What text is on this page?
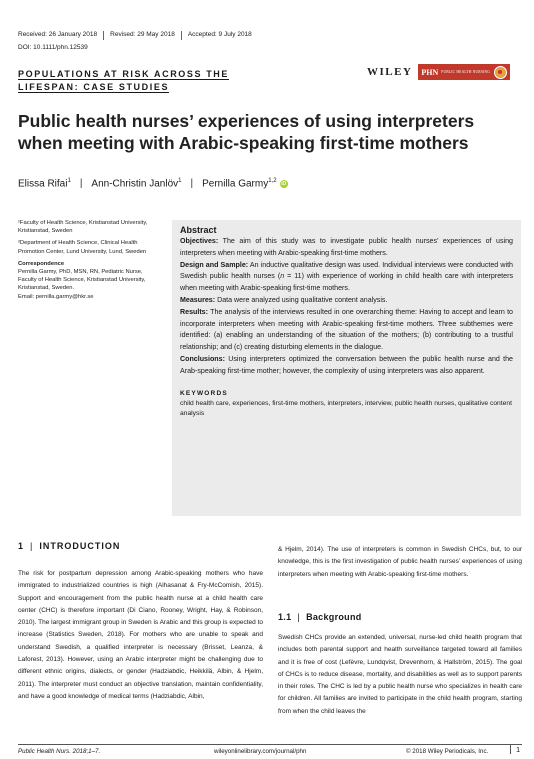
Received: 26 January 2018	Revised: 29 May 2018	Accepted: 9 July 2018
DOI: 10.1111/phn.12539
POPULATIONS AT RISK ACROSS THE LIFESPAN: CASE STUDIES
WILEY PHN PUBLIC HEALTH NURSING
Public health nurses’ experiences of using interpreters when meeting with Arabic-speaking first-time mothers
Elissa Rifai$^1$ | Ann-Christin Janlöv$^1$ | Pernilla Garmy$^{1,2}$ iD

¹Faculty of Health Science, Kristianstad University, Kristianstad, Sweden

²Department of Health Science, Clinical Health Promotion Center, Lund University, Lund, Sweden

Correspondence

Pernilla Garmy, PhD, MSN, RN, Pediatric Nurse, Faculty of Health Science, Kristianstad University, Kristianstad, Sweden.

Email: pernilla.garmy@hkr.se

Abstract

Objectives: The aim of this study was to investigate public health nurses’ experiences of using interpreters when meeting with Arabic-speaking first-time mothers.

Design and Sample: An inductive qualitative design was used. Individual interviews were conducted with Swedish public health nurses (n = 11) with experience of working in child health care with interpreters when meeting with Arabic-speaking first-time mothers.

Measures: Data were analyzed using qualitative content analysis.

Results: The analysis of the interviews resulted in one overarching theme: Having to accept and learn to incorporate interpreters when meeting with Arabic-speaking first-time mothers. Three subthemes were identified: (a) enabling an understanding of the situation of the mothers; (b) contributing to a trustful relationship; and (c) creating disturbing elements in the dialogue.

Conclusions: Using interpreters optimized the conversation between the public health nurse and the Arab-speaking first-time mother; however, the complexity of using interpreters was also apparent.

KEYWORDS
child health care, experiences, first-time mothers, interpreters, interview, public health nurses, qualitative content analysis
1 | INTRODUCTION
The risk for postpartum depression among Arabic-speaking mothers who have immigrated to industrialized countries is high (Alhasanat & Fry-McComish, 2015). Support and encouragement from the public health nurse at a child health care center (CHC) is therefore important (Di Ciano, Rooney, Wright, Hay, & Robinson, 2010). The largest immigrant group in Sweden is Arabic and this group is expected to increase (Statistics Sweden, 2018). For mothers who are unable to speak and understand Swedish, a qualified interpreter is necessary (Brisset, Leanza, & Laforest, 2013). However, using an Arabic interpreter might be challenging due to different ethnic origins, dialects, or gender (Hadziabdic, Heikkilä, Albin, & Hjelm, 2011). The interpreter must conduct an objective translation, maintain confidentiality, and have a good knowledge of medical terms (Hadziabdic, Albin,
& Hjelm, 2014). The use of interpreters is common in Swedish CHCs, but, to our knowledge, this is the first investigation of public health nurses’ experiences of using interpreters when meeting with Arabic-speaking first-time mothers.
1.1 | Background
Swedish CHCs provide an extended, universal, nurse-led child health program that includes both parental support and health surveillance targeted toward all families and it is free of cost (Lefèvre, Lundqvist, Drevenhorn, & Hallström, 2015). The goal of CHCs is to reduce disease, mortality, and disabilities as well as to support parents in their roles. The CHC is led by a public health nurse who specializes in health care for children. All families are invited to participate in the child health program, starting from when the child leaves the
Public Health Nurs. 2018;1–7.	wileyonlinelibrary.com/journal/phn	© 2018 Wiley Periodicals, Inc.	1
